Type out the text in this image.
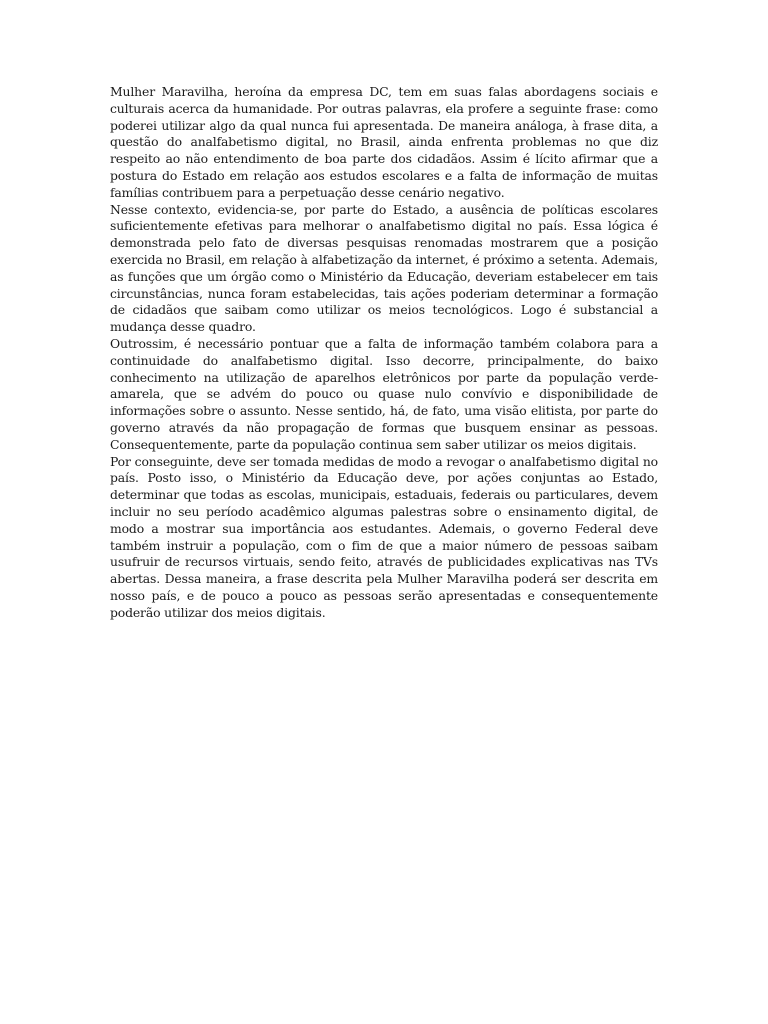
Mulher Maravilha, heroína da empresa DC, tem em suas falas abordagens sociais e culturais acerca da humanidade. Por outras palavras, ela profere a seguinte frase: como poderei utilizar algo da qual nunca fui apresentada. De maneira análoga, à frase dita, a questão do analfabetismo digital, no Brasil, ainda enfrenta problemas no que diz respeito ao não entendimento de boa parte dos cidadãos. Assim é lícito afirmar que a postura do Estado em relação aos estudos escolares e a falta de informação de muitas famílias contribuem para a perpetuação desse cenário negativo.

Nesse contexto, evidencia-se, por parte do Estado, a ausência de políticas escolares suficientemente efetivas para melhorar o analfabetismo digital no país. Essa lógica é demonstrada pelo fato de diversas pesquisas renomadas mostrarem que a posição exercida no Brasil, em relação à alfabetização da internet, é próximo a setenta. Ademais, as funções que um órgão como o Ministério da Educação, deveriam estabelecer em tais circunstâncias, nunca foram estabelecidas, tais ações poderiam determinar a formação de cidadãos que saibam como utilizar os meios tecnológicos. Logo é substancial a mudança desse quadro.

Outrossim, é necessário pontuar que a falta de informação também colabora para a continuidade do analfabetismo digital. Isso decorre, principalmente, do baixo conhecimento na utilização de aparelhos eletrônicos por parte da população verde-amarela, que se advém do pouco ou quase nulo convívio e disponibilidade de informações sobre o assunto. Nesse sentido, há, de fato, uma visão elitista, por parte do governo através da não propagação de formas que busquem ensinar as pessoas. Consequentemente, parte da população continua sem saber utilizar os meios digitais.

Por conseguinte, deve ser tomada medidas de modo a revogar o analfabetismo digital no país. Posto isso, o Ministério da Educação deve, por ações conjuntas ao Estado, determinar que todas as escolas, municipais, estaduais, federais ou particulares, devem incluir no seu período acadêmico algumas palestras sobre o ensinamento digital, de modo a mostrar sua importância aos estudantes. Ademais, o governo Federal deve também instruir a população, com o fim de que a maior número de pessoas saibam usufruir de recursos virtuais, sendo feito, através de publicidades explicativas nas TVs abertas. Dessa maneira, a frase descrita pela Mulher Maravilha poderá ser descrita em nosso país, e de pouco a pouco as pessoas serão apresentadas e consequentemente poderão utilizar dos meios digitais.
